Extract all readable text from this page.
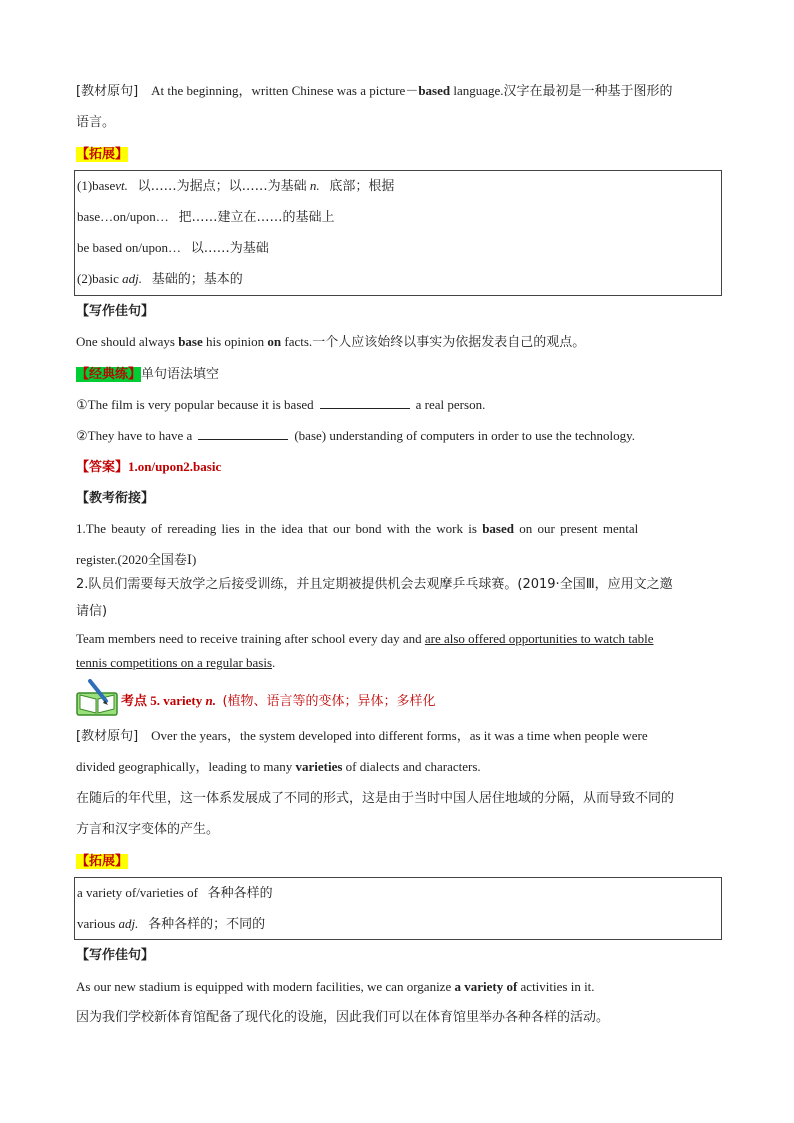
[教材原句] At the beginning，written Chinese was a picture－based language.汉字在最初是一种基于图形的
语言。
【拓展】
(1)basevt. 以……为据点；以……为基础 n. 底部；根据
base…on/upon… 把……建立在……的基础上
be based on/upon… 以……为基础
(2)basic adj. 基础的；基本的
【写作佳句】
One should always base his opinion on facts.一个人应该始终以事实为依据发表自己的观点。
【经典练】单句语法填空
①The film is very popular because it is based	a real person.
②They have to have a	(base) understanding of computers in order to use the technology.
【答案】1.on/upon2.basic
【教考衔接】
1.The beauty of rereading lies in the idea that our bond with the work is based on our present mental
register.(2020全国卷Ⅰ)
2.队员们需要每天放学之后接受训练，并且定期被提供机会去观摩乒乓球赛。(2019·全国Ⅲ，应用文之邀
请信)
Team members need to receive training after school every day and are also offered opportunities to watch table
tennis competitions on a regular basis.
考点 5. variety n. (植物、语言等的变体；异体；多样化
[教材原句] Over the years，the system developed into different forms，as it was a time when people were
divided geographically，leading to many varieties of dialects and characters.
在随后的年代里，这一体系发展成了不同的形式，这是由于当时中国人居住地域的分隔，从而导致不同的
方言和汉字变体的产生。
【拓展】
a variety of/varieties of 各种各样的
various adj. 各种各样的；不同的
【写作佳句】
As our new stadium is equipped with modern facilities, we can organize a variety of activities in it.
因为我们学校新体育馆配备了现代化的设施，因此我们可以在体育馆里举办各种各样的活动。
